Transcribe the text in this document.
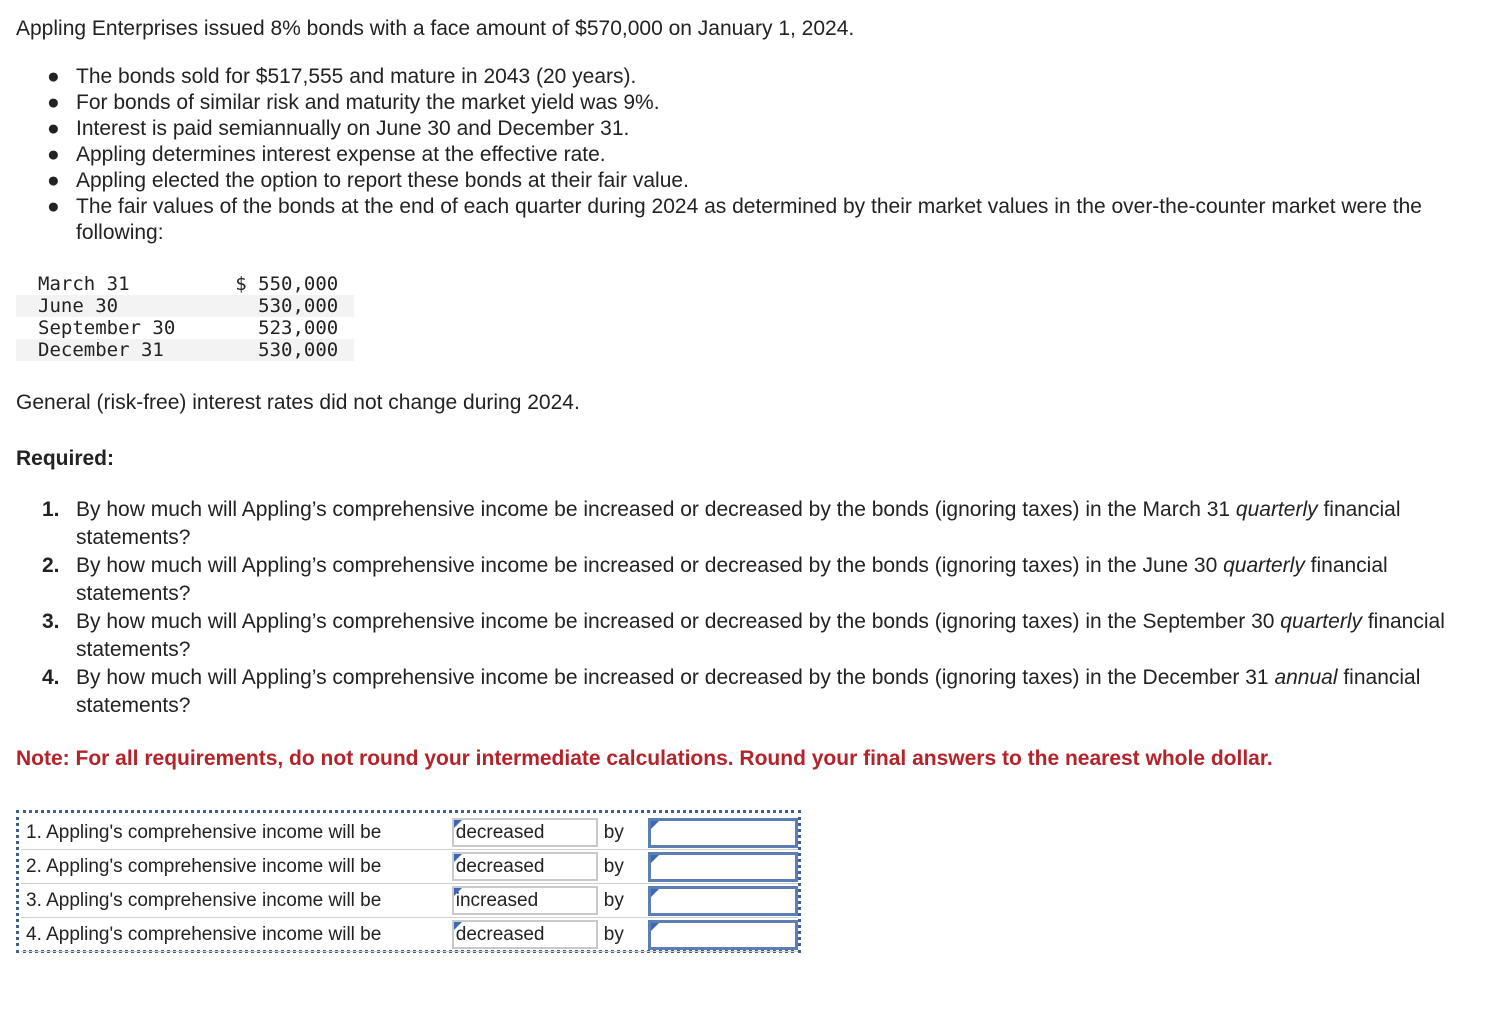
Appling Enterprises issued 8% bonds with a face amount of $570,000 on January 1, 2024.

● The bonds sold for $517,555 and mature in 2043 (20 years).
● For bonds of similar risk and maturity the market yield was 9%.
● Interest is paid semiannually on June 30 and December 31.
● Appling determines interest expense at the effective rate.
● Appling elected the option to report these bonds at their fair value.
● The fair values of the bonds at the end of each quarter during 2024 as determined by their market values in the over-the-counter market were the following:
March 31	$ 550,000
June 30	530,000
September 30	523,000
December 31	530,000

General (risk-free) interest rates did not change during 2024.

Required:

1. By how much will Appling’s comprehensive income be increased or decreased by the bonds (ignoring taxes) in the March 31 quarterly financial statements?
2. By how much will Appling’s comprehensive income be increased or decreased by the bonds (ignoring taxes) in the June 30 quarterly financial statements?
3. By how much will Appling’s comprehensive income be increased or decreased by the bonds (ignoring taxes) in the September 30 quarterly financial statements?
4. By how much will Appling’s comprehensive income be increased or decreased by the bonds (ignoring taxes) in the December 31 annual financial statements?

Note: For all requirements, do not round your intermediate calculations. Round your final answers to the nearest whole dollar.

1. Appling's comprehensive income will be	decreased	by	

2. Appling's comprehensive income will be	decreased	by	

3. Appling's comprehensive income will be	increased	by	

4. Appling's comprehensive income will be	decreased	by	
